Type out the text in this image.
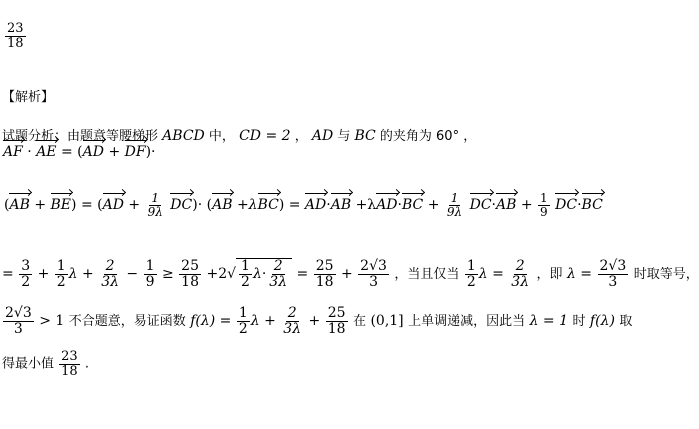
$\frac{23}{18}$
【解析】
试题分析：由题意等腰梯形 ABCD 中， CD = 2 ， AD 与 BC 的夹角为 60° ，
AF · AE = (AD + DF)·
$(AB + BE) = (AD + \frac{1}{9\lambda} DC)\cdot (AB +\lambda BC) = AD\cdot AB +\lambda AD\cdot BC + \frac{1}{9\lambda} DC\cdot AB + \frac{1}{9} DC\cdot BC$
= $\frac{3}{2} + \frac{1}{2}$ $\lambda + \frac{2}{3\lambda} - \frac{1}{9} \ge \frac{25}{18} +2√ \frac{1}{2} \lambda\cdot \frac{2}{3\lambda} = \frac{25}{18} + \frac{2√3}{3}$ ，当且仅当 $\frac{1}{2}$ $\lambda = \frac{2}{3\lambda}$ ，即 $\lambda = \frac{2√3}{3}$ 时取等号，
$\frac{2√3}{3} > 1$ 不合题意，易证函数 $f(\lambda) = \frac{1}{2}$ $\lambda + \frac{2}{3\lambda} + \frac{25}{18}$ 在 (0,1] 上单调递减，因此当 λ = 1 时 f(λ) 取
得最小值 $\frac{23}{18}$ .
